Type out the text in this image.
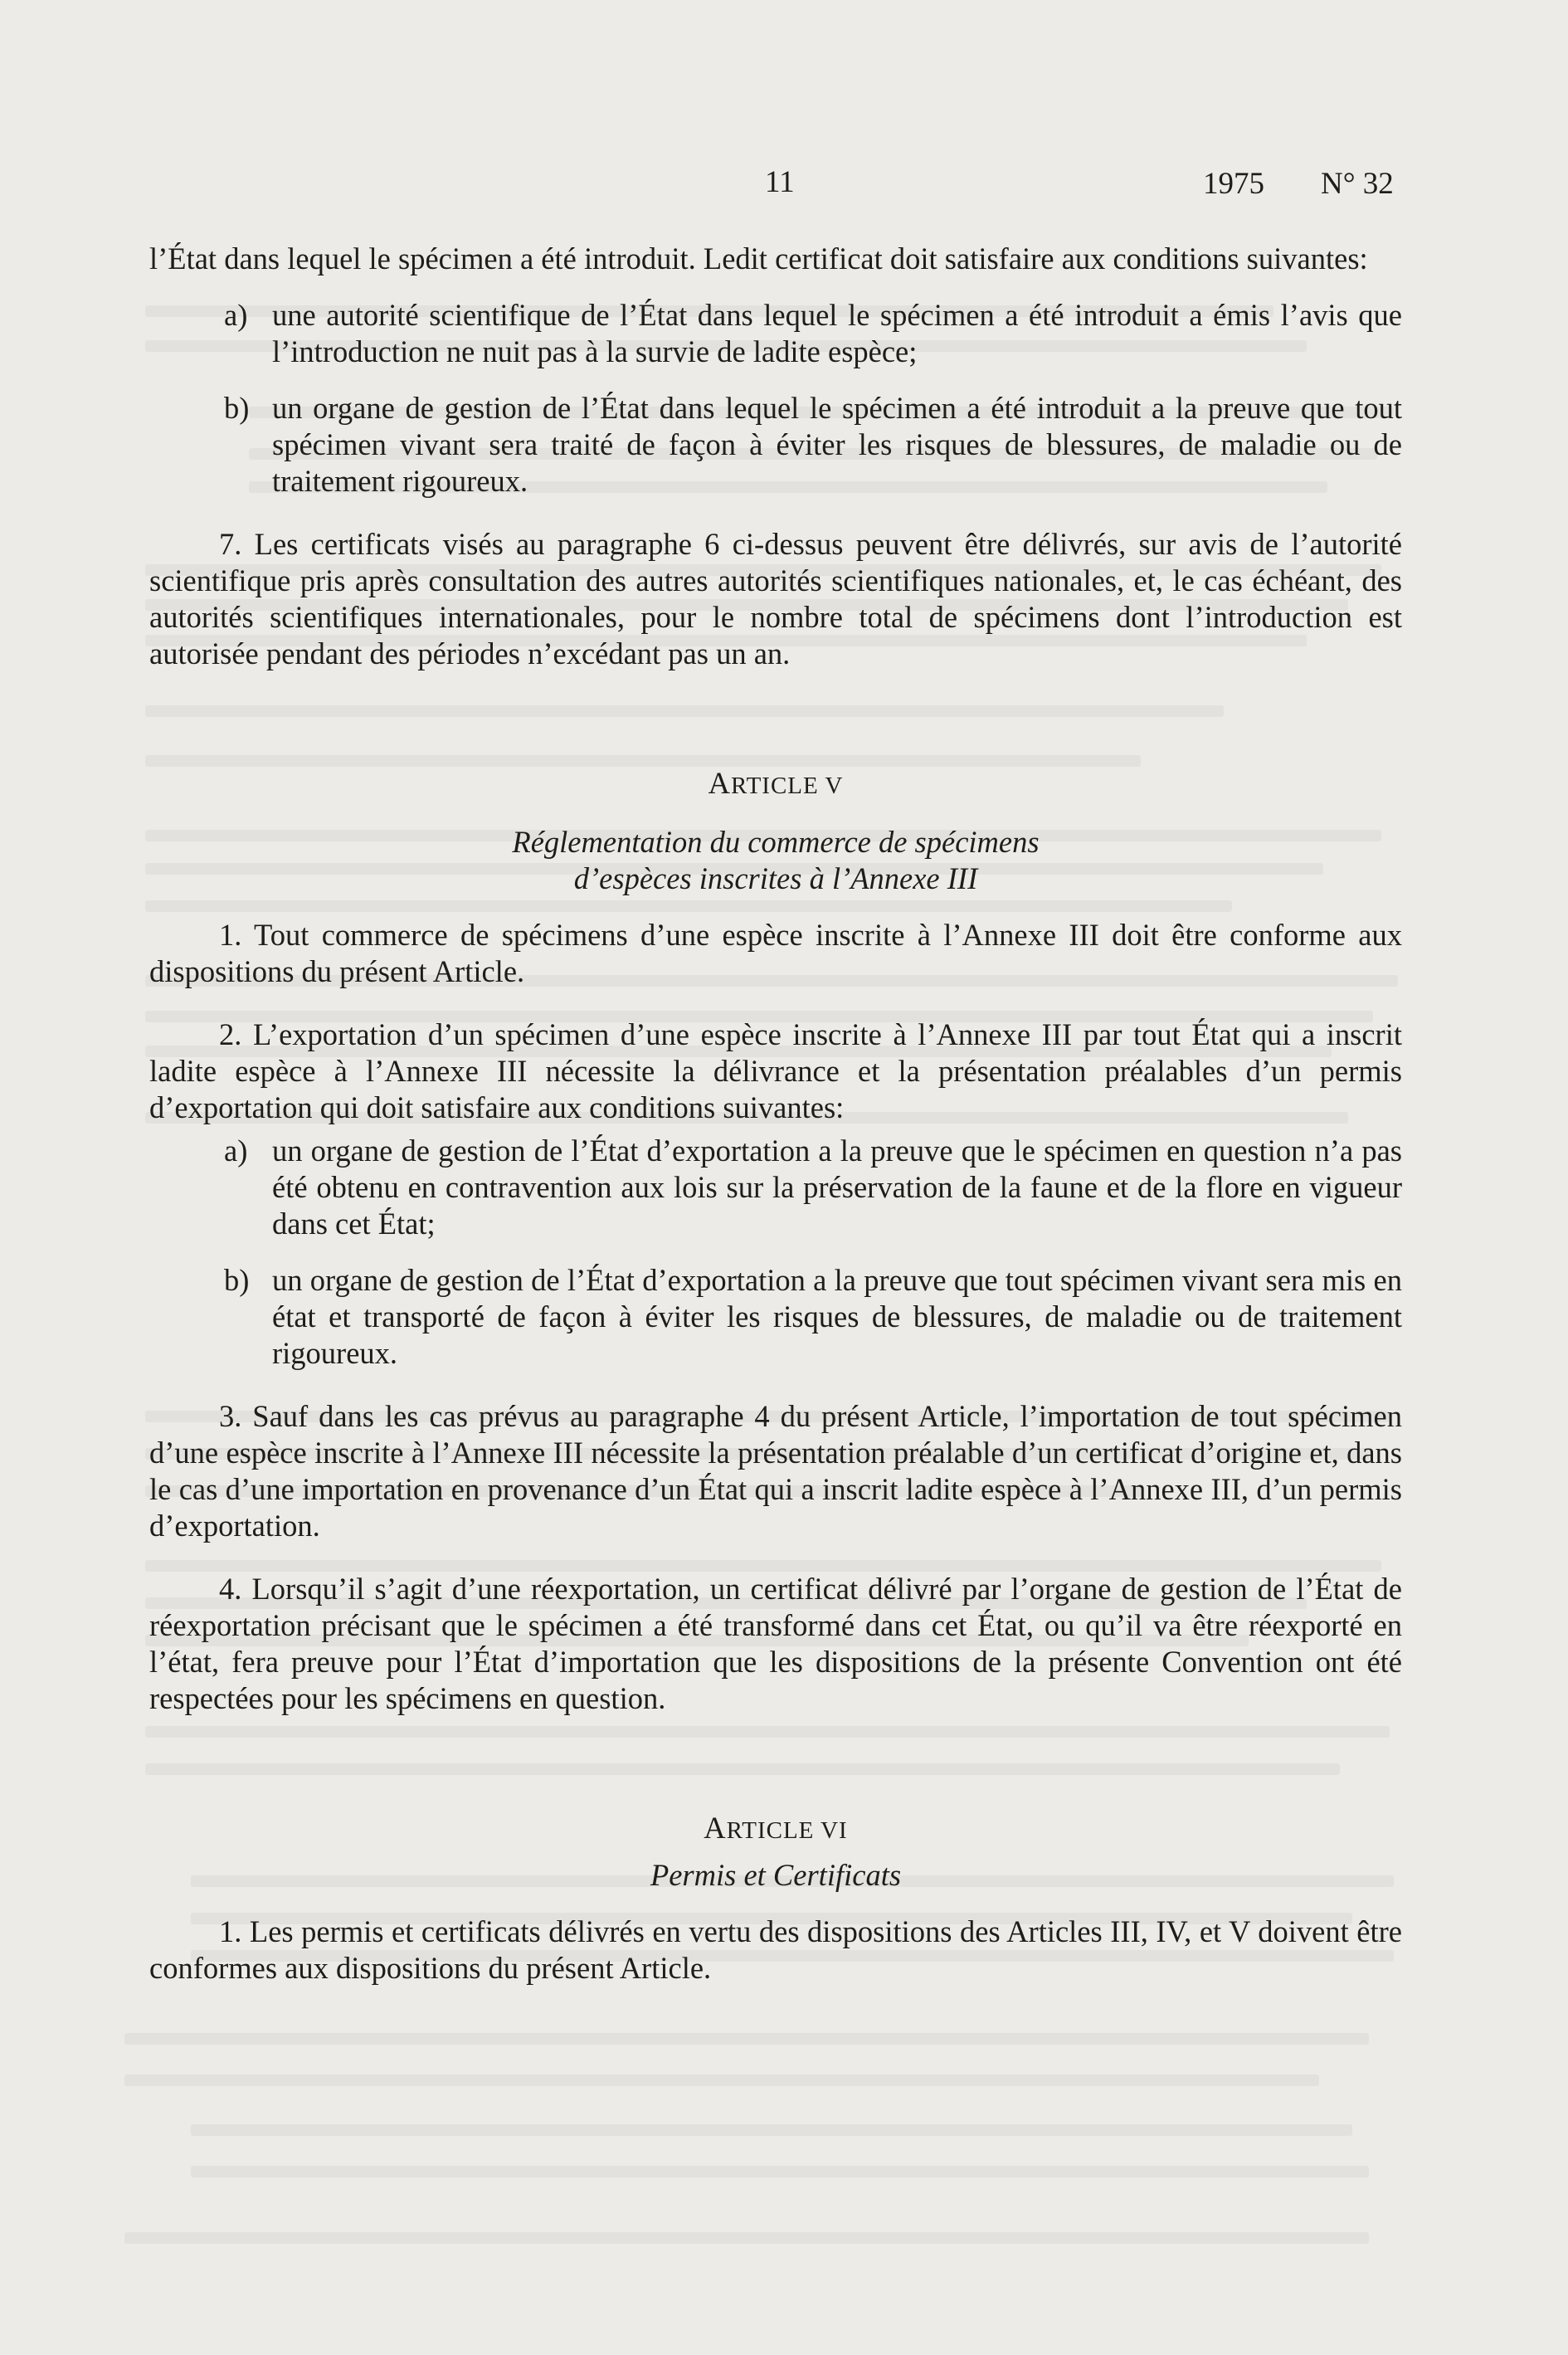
11	1975 N° 32

l’État dans lequel le spécimen a été introduit. Ledit certificat doit satisfaire aux conditions suivantes:

a) une autorité scientifique de l’État dans lequel le spécimen a été introduit a émis l’avis que l’introduction ne nuit pas à la survie de ladite espèce;
b) un organe de gestion de l’État dans lequel le spécimen a été introduit a la preuve que tout spécimen vivant sera traité de façon à éviter les risques de blessures, de maladie ou de traitement rigoureux.

7. Les certificats visés au paragraphe 6 ci-dessus peuvent être délivrés, sur avis de l’autorité scientifique pris après consultation des autres autorités scientifiques nationales, et, le cas échéant, des autorités scientifiques internationales, pour le nombre total de spécimens dont l’introduction est autorisée pendant des périodes n’excédant pas un an.

ARTICLE V

Réglementation du commerce de spécimens

d’espèces inscrites à l’Annexe III

1. Tout commerce de spécimens d’une espèce inscrite à l’Annexe III doit être conforme aux dispositions du présent Article.

2. L’exportation d’un spécimen d’une espèce inscrite à l’Annexe III par tout État qui a inscrit ladite espèce à l’Annexe III nécessite la délivrance et la présentation préalables d’un permis d’exportation qui doit satisfaire aux conditions suivantes:

a) un organe de gestion de l’État d’exportation a la preuve que le spécimen en question n’a pas été obtenu en contravention aux lois sur la préservation de la faune et de la flore en vigueur dans cet État;
b) un organe de gestion de l’État d’exportation a la preuve que tout spécimen vivant sera mis en état et transporté de façon à éviter les risques de blessures, de maladie ou de traitement rigoureux.

3. Sauf dans les cas prévus au paragraphe 4 du présent Article, l’importation de tout spécimen d’une espèce inscrite à l’Annexe III nécessite la présentation préalable d’un certificat d’origine et, dans le cas d’une importation en provenance d’un État qui a inscrit ladite espèce à l’Annexe III, d’un permis d’exportation.

4. Lorsqu’il s’agit d’une réexportation, un certificat délivré par l’organe de gestion de l’État de réexportation précisant que le spécimen a été transformé dans cet État, ou qu’il va être réexporté en l’état, fera preuve pour l’État d’importation que les dispositions de la présente Convention ont été respectées pour les spécimens en question.

ARTICLE VI

Permis et Certificats

1. Les permis et certificats délivrés en vertu des dispositions des Articles III, IV, et V doivent être conformes aux dispositions du présent Article.
